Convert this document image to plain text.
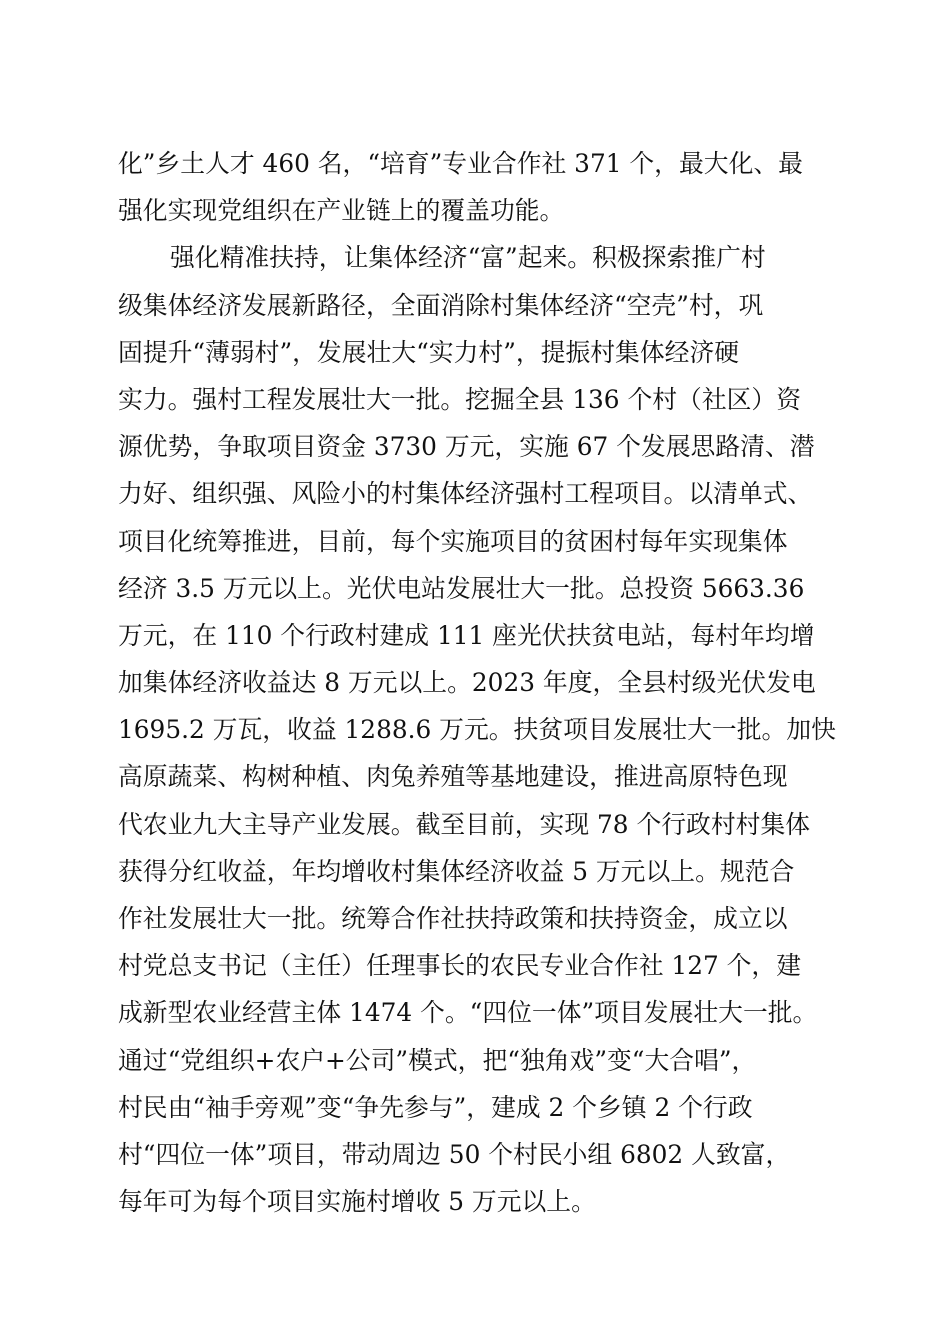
化”乡土人才 460 名，“培育”专业合作社 371 个，最大化、最
强化实现党组织在产业链上的覆盖功能。
强化精准扶持，让集体经济“富”起来。积极探索推广村
级集体经济发展新路径，全面消除村集体经济“空壳”村，巩
固提升“薄弱村”，发展壮大“实力村”，提振村集体经济硬
实力。强村工程发展壮大一批。挖掘全县 136 个村（社区）资
源优势，争取项目资金 3730 万元，实施 67 个发展思路清、潜
力好、组织强、风险小的村集体经济强村工程项目。以清单式、
项目化统筹推进，目前，每个实施项目的贫困村每年实现集体
经济 3.5 万元以上。光伏电站发展壮大一批。总投资 5663.36
万元，在 110 个行政村建成 111 座光伏扶贫电站，每村年均增
加集体经济收益达 8 万元以上。2023 年度，全县村级光伏发电
1695.2 万瓦，收益 1288.6 万元。扶贫项目发展壮大一批。加快
高原蔬菜、构树种植、肉兔养殖等基地建设，推进高原特色现
代农业九大主导产业发展。截至目前，实现 78 个行政村村集体
获得分红收益，年均增收村集体经济收益 5 万元以上。规范合
作社发展壮大一批。统筹合作社扶持政策和扶持资金，成立以
村党总支书记（主任）任理事长的农民专业合作社 127 个，建
成新型农业经营主体 1474 个。“四位一体”项目发展壮大一批。
通过“党组织+农户+公司”模式，把“独角戏”变“大合唱”，
村民由“袖手旁观”变“争先参与”，建成 2 个乡镇 2 个行政
村“四位一体”项目，带动周边 50 个村民小组 6802 人致富，
每年可为每个项目实施村增收 5 万元以上。
